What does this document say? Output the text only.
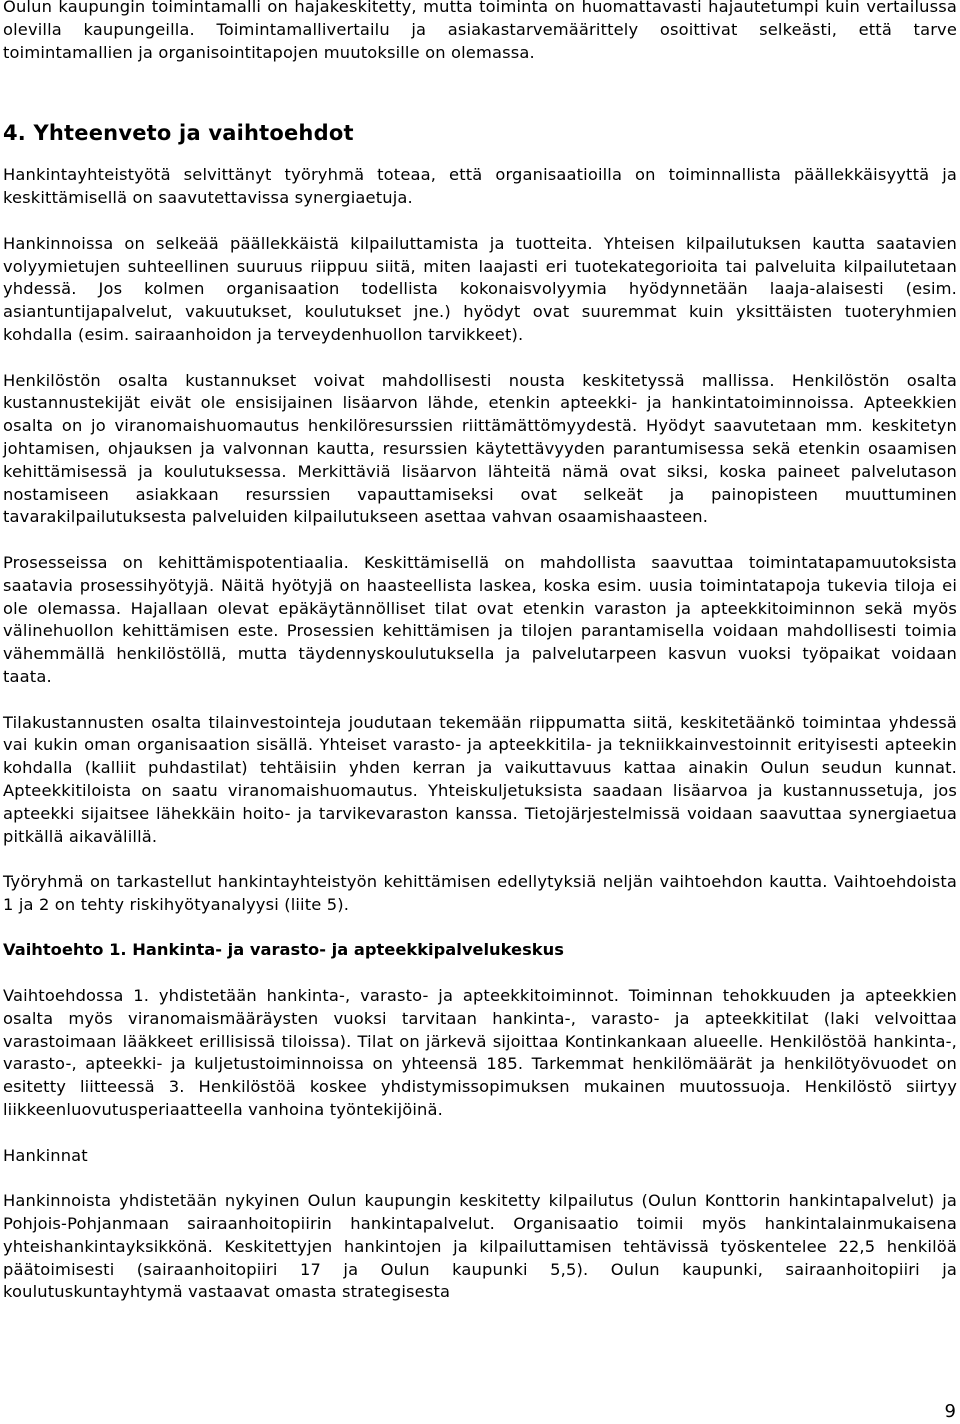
Oulun kaupungin toimintamalli on hajakeskitetty, mutta toiminta on huomattavasti hajautetumpi kuin vertailussa olevilla kaupungeilla. Toimintamallivertailu ja asiakastarvemäärittely osoittivat selkeästi, että tarve toimintamallien ja organisointitapojen muutoksille on olemassa.

4. Yhteenveto ja vaihtoehdot

Hankintayhteistyötä selvittänyt työryhmä toteaa, että organisaatioilla on toiminnallista päällekkäisyyttä ja keskittämisellä on saavutettavissa synergiaetuja.

Hankinnoissa on selkeää päällekkäistä kilpailuttamista ja tuotteita. Yhteisen kilpailutuksen kautta saatavien volyymietujen suhteellinen suuruus riippuu siitä, miten laajasti eri tuotekategorioita tai palveluita kilpailutetaan yhdessä. Jos kolmen organisaation todellista kokonaisvolyymia hyödynnetään laaja-alaisesti (esim. asiantuntijapalvelut, vakuutukset, koulutukset jne.) hyödyt ovat suuremmat kuin yksittäisten tuoteryhmien kohdalla (esim. sairaanhoidon ja terveydenhuollon tarvikkeet).

Henkilöstön osalta kustannukset voivat mahdollisesti nousta keskitetyssä mallissa. Henkilöstön osalta kustannustekijät eivät ole ensisijainen lisäarvon lähde, etenkin apteekki- ja hankintatoiminnoissa. Apteekkien osalta on jo viranomaishuomautus henkilöresurssien riittämättömyydestä. Hyödyt saavutetaan mm. keskitetyn johtamisen, ohjauksen ja valvonnan kautta, resurssien käytettävyyden parantumisessa sekä etenkin osaamisen kehittämisessä ja koulutuksessa. Merkittäviä lisäarvon lähteitä nämä ovat siksi, koska paineet palvelutason nostamiseen asiakkaan resurssien vapauttamiseksi ovat selkeät ja painopisteen muuttuminen tavarakilpailutuksesta palveluiden kilpailutukseen asettaa vahvan osaamishaasteen.

Prosesseissa on kehittämispotentiaalia. Keskittämisellä on mahdollista saavuttaa toimintatapamuutoksista saatavia prosessihyötyjä. Näitä hyötyjä on haasteellista laskea, koska esim. uusia toimintatapoja tukevia tiloja ei ole olemassa. Hajallaan olevat epäkäytännölliset tilat ovat etenkin varaston ja apteekkitoiminnon sekä myös välinehuollon kehittämisen este. Prosessien kehittämisen ja tilojen parantamisella voidaan mahdollisesti toimia vähemmällä henkilöstöllä, mutta täydennyskoulutuksella ja palvelutarpeen kasvun vuoksi työpaikat voidaan taata.

Tilakustannusten osalta tilainvestointeja joudutaan tekemään riippumatta siitä, keskitetäänkö toimintaa yhdessä vai kukin oman organisaation sisällä. Yhteiset varasto- ja apteekkitila- ja tekniikkainvestoinnit erityisesti apteekin kohdalla (kalliit puhdastilat) tehtäisiin yhden kerran ja vaikuttavuus kattaa ainakin Oulun seudun kunnat. Apteekkitiloista on saatu viranomaishuomautus. Yhteiskuljetuksista saadaan lisäarvoa ja kustannussetuja, jos apteekki sijaitsee lähekkäin hoito- ja tarvikevaraston kanssa. Tietojärjestelmissä voidaan saavuttaa synergiaetua pitkällä aikavälillä.

Työryhmä on tarkastellut hankintayhteistyön kehittämisen edellytyksiä neljän vaihtoehdon kautta. Vaihtoehdoista 1 ja 2 on tehty riskihyötyanalyysi (liite 5).

Vaihtoehto 1. Hankinta- ja varasto- ja apteekkipalvelukeskus

Vaihtoehdossa 1. yhdistetään hankinta-, varasto- ja apteekkitoiminnot. Toiminnan tehokkuuden ja apteekkien osalta myös viranomaismääräysten vuoksi tarvitaan hankinta-, varasto- ja apteekkitilat (laki velvoittaa varastoimaan lääkkeet erillisissä tiloissa). Tilat on järkevä sijoittaa Kontinkankaan alueelle. Henkilöstöä hankinta-, varasto-, apteekki- ja kuljetustoiminnoissa on yhteensä 185. Tarkemmat henkilömäärät ja henkilötyövuodet on esitetty liitteessä 3. Henkilöstöä koskee yhdistymissopimuksen mukainen muutossuoja. Henkilöstö siirtyy liikkeenluovutusperiaatteella vanhoina työntekijöinä.

Hankinnat

Hankinnoista yhdistetään nykyinen Oulun kaupungin keskitetty kilpailutus (Oulun Konttorin hankintapalvelut) ja Pohjois-Pohjanmaan sairaanhoitopiirin hankintapalvelut. Organisaatio toimii myös hankintalainmukaisena yhteishankintayksikkönä. Keskitettyjen hankintojen ja kilpailuttamisen tehtävissä työskentelee 22,5 henkilöä päätoimisesti (sairaanhoitopiiri 17 ja Oulun kaupunki 5,5). Oulun kaupunki, sairaanhoitopiiri ja koulutuskuntayhtymä vastaavat omasta strategisesta

9
